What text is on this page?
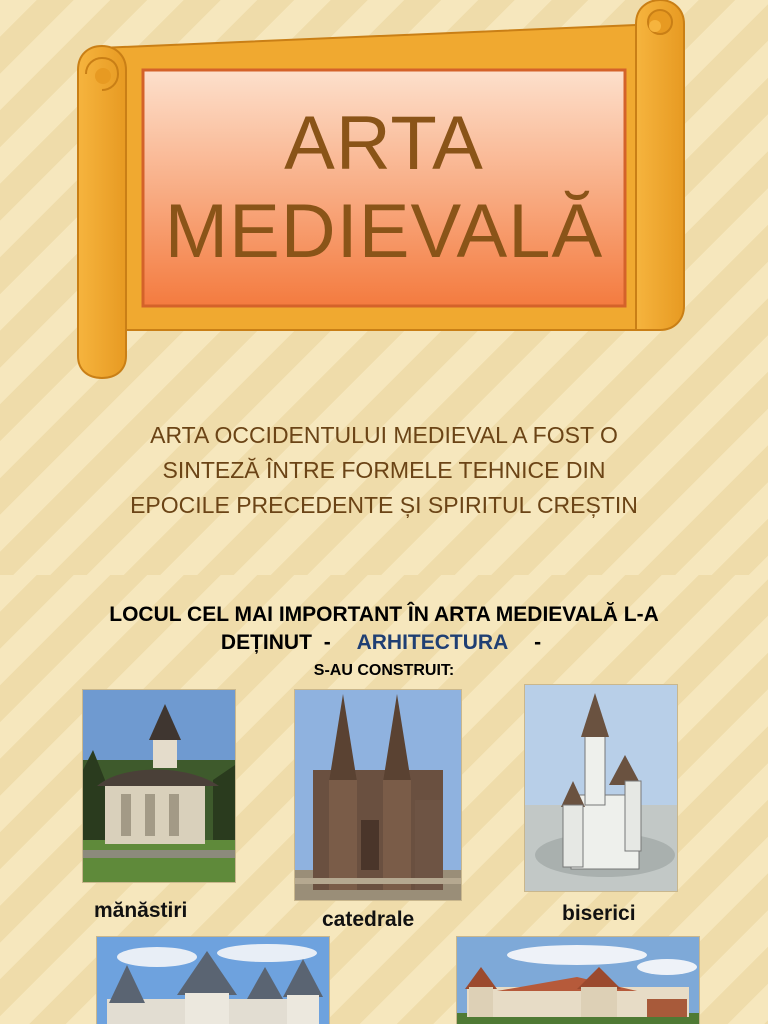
ARTA
MEDIEVALĂ
ARTA OCCIDENTULUI MEDIEVAL A FOST O
SINTEZĂ ÎNTRE FORMELE TEHNICE DIN
EPOCILE PRECEDENTE ȘI SPIRITUL CREȘTIN
LOCUL CEL MAI IMPORTANT ÎN ARTA MEDIEVALĂ L-A
DEȚINUT - ARHITECTURA -
S-AU CONSTRUIT:
mănăstiri	catedrale	biserici
